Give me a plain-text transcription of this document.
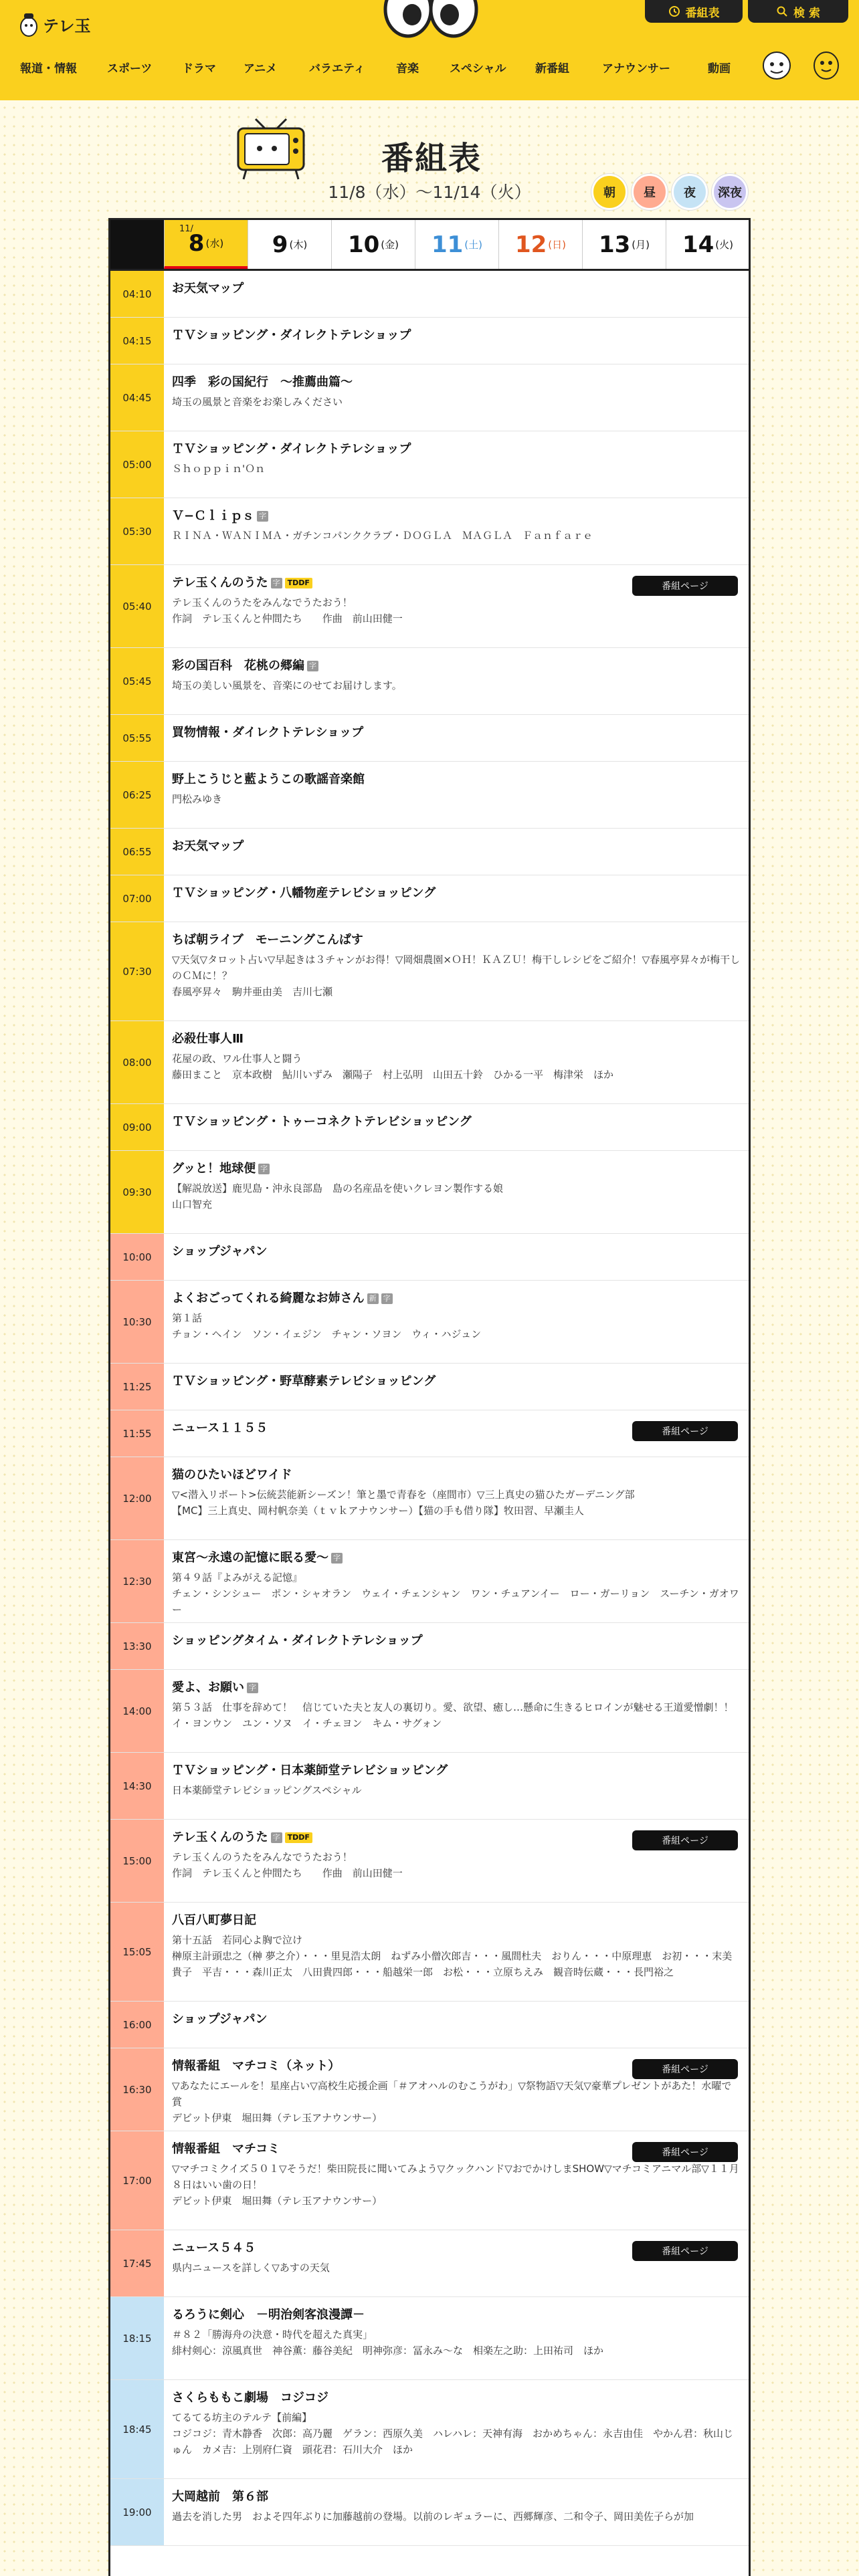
テレ玉
番組表	検 索
報道・情報	スポーツ	ドラマ アニメ	バラエティ	音楽	スペシャル	新番組	アナウンサー	動画
番組表
11/8（水）〜11/14（火）	朝	昼	夜	深夜
11/
8 (水) 9 (木) 10 (金) 11 (土) 12 (日) 13 (月) 14 (火)
04:10	お天気マップ
04:15	ＴＶショッピング・ダイレクトテレショップ
04:45
四季　彩の国紀行　〜推薦曲篇〜
埼玉の風景と音楽をお楽しみください
05:00
ＴＶショッピング・ダイレクトテレショップ
Ｓｈｏｐｐｉｎ'Ｏｎ
05:30
Ｖ−Ｃｌｉｐｓ 字
ＲＩＮＡ・ＷＡＮＩＭＡ・ガチンコパンククラブ・ＤＯＧＬＡ　ＭＡＧＬＡ　Ｆａｎｆａｒｅ
05:40
テレ玉くんのうた 字 TDDF
テレ玉くんのうたをみんなでうたおう！
作詞　テレ玉くんと仲間たち　　作曲　前山田健一
番組ページ
05:45
彩の国百科　花桃の郷編 字
埼玉の美しい風景を、音楽にのせてお届けします。
05:55	買物情報・ダイレクトテレショップ
06:25
野上こうじと藍ようこの歌謡音楽館
門松みゆき
06:55	お天気マップ
07:00	ＴＶショッピング・八幡物産テレビショッピング
07:30
ちば朝ライブ　モーニングこんぱす
▽天気▽タロット占い▽早起きは３チャンがお得！▽岡畑農園×ＯＨ！ＫＡＺＵ！梅干しレシピをご紹介！▽春風亭昇々が梅干しのＣＭに！？
春風亭昇々　駒井亜由美　吉川七瀬
08:00
必殺仕事人Ⅲ
花屋の政、ワル仕事人と闘う
藤田まこと　京本政樹　鮎川いずみ　瀬陽子　村上弘明　山田五十鈴　ひかる一平　梅津栄　ほか
09:00	ＴＶショッピング・トゥーコネクトテレビショッピング
09:30
グッと！地球便 字
【解説放送】鹿児島・沖永良部島　島の名産品を使いクレヨン製作する娘
山口智充
10:00	ショップジャパン
10:30
よくおごってくれる綺麗なお姉さん 新 字
第１話
チョン・ヘイン　ソン・イェジン　チャン・ソヨン　ウィ・ハジュン
11:25	ＴＶショッピング・野草酵素テレビショッピング
11:55	ニュース１１５５	番組ページ
12:00
猫のひたいほどワイド
▽<潜入リポート>伝統芸能新シーズン！筆と墨で青春を（座間市）▽三上真史の猫ひたガーデニング部
【MC】三上真史、岡村帆奈美（ｔｖｋアナウンサー）【猫の手も借り隊】牧田習、早瀬圭人
12:30
東宮〜永遠の記憶に眠る愛〜 字
第４９話『よみがえる記憶』
チェン・シンシュー　ポン・シャオラン　ウェイ・チェンシャン　ワン・チュアンイー　ロー・ガーリョン　スーチン・ガオワー
13:30	ショッピングタイム・ダイレクトテレショップ
14:00
愛よ、お願い 字
第５３話　仕事を辞めて！　信じていた夫と友人の裏切り。愛、欲望、癒し…懸命に生きるヒロインが魅せる王道愛憎劇！！
イ・ヨンウン　ユン・ソヌ　イ・チェヨン　キム・サグォン
14:30
ＴＶショッピング・日本薬師堂テレビショッピング
日本薬師堂テレビショッピングスペシャル
15:00
テレ玉くんのうた 字 TDDF
テレ玉くんのうたをみんなでうたおう！
作詞　テレ玉くんと仲間たち　　作曲　前山田健一
番組ページ
15:05
八百八町夢日記
第十五話　若同心よ胸で泣け
榊原主計頭忠之（榊 夢之介）・・・里見浩太朗　ねずみ小僧次郎吉・・・風間杜夫　おりん・・・中原理恵　お初・・・末美貴子　平吉・・・森川正太　八田貴四郎・・・船越栄一郎　お松・・・立原ちえみ　観音時伝蔵・・・長門裕之
16:00	ショップジャパン
16:30
情報番組　マチコミ（ネット）
▽あなたにエールを！星座占い▽高校生応援企画「＃アオハルのむこうがわ」▽祭物語▽天気▽豪華プレゼントがあた！水曜で賞
デビット伊東　堀田舞（テレ玉アナウンサー）
番組ページ
17:00
情報番組　マチコミ
▽マチコミクイズ５０１▽そうだ！柴田院長に聞いてみよう▽クックハンド▽おでかけしまSHOW▽マチコミアニマル部▽１１月８日はいい歯の日！
デビット伊東　堀田舞（テレ玉アナウンサー）
番組ページ
17:45
ニュース５４５
県内ニュースを詳しく▽あすの天気
番組ページ
18:15
るろうに剣心　－明治剣客浪漫譚－
＃８２「勝海舟の決意・時代を超えた真実」
緋村剣心：涼風真世　神谷薫：藤谷美紀　明神弥彦：冨永み〜な　相楽左之助：上田祐司　ほか
18:45
さくらももこ劇場　コジコジ
てるてる坊主のテルテ【前編】
コジコジ：青木静香　次郎：高乃麗　ゲラン：西原久美　ハレハレ：天神有海　おかめちゃん：永吉由佳　やかん君：秋山じゅん　カメ吉：上別府仁資　頭花君：石川大介　ほか
19:00
大岡越前　第６部
過去を消した男　およそ四年ぶりに加藤越前の登場。以前のレギュラーに、西郷輝彦、二和令子、岡田美佐子らが加
